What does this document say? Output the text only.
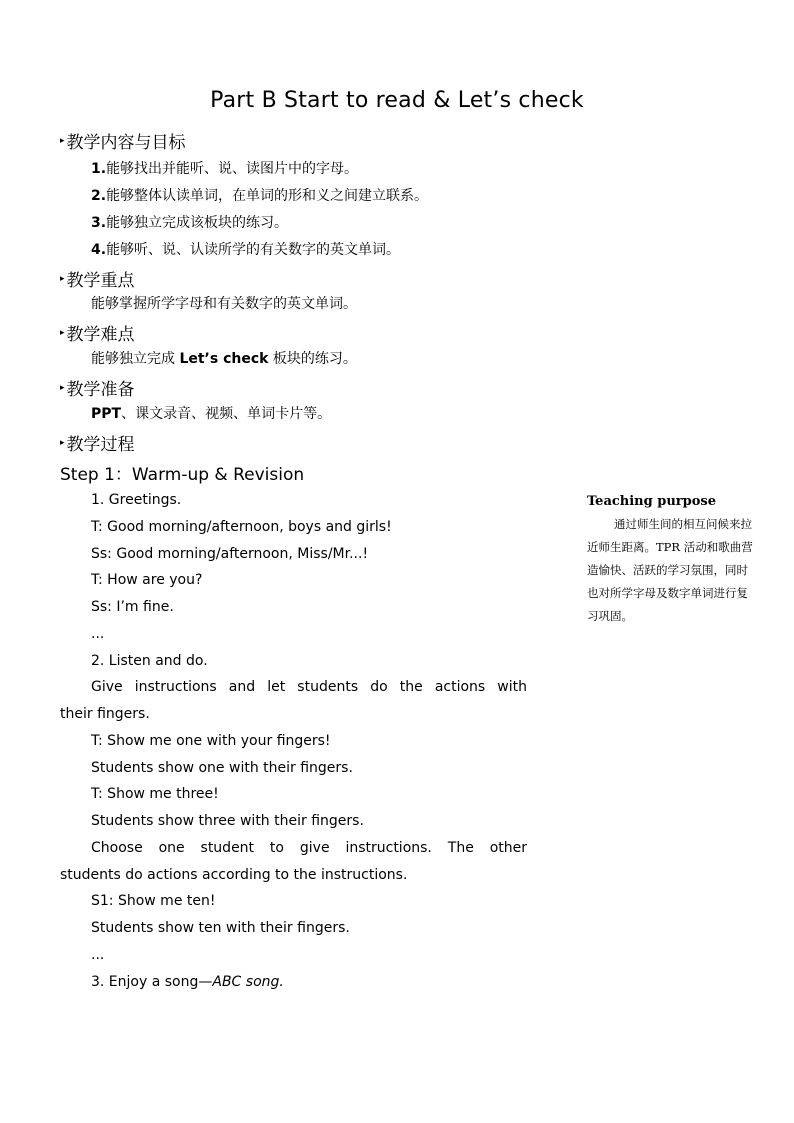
Part B Start to read & Let’s check
▸ 教学内容与目标
1.能够找出并能听、说、读图片中的字母。
2.能够整体认读单词，在单词的形和义之间建立联系。
3.能够独立完成该板块的练习。
4.能够听、说、认读所学的有关数字的英文单词。
▸ 教学重点
能够掌握所学字母和有关数字的英文单词。
▸ 教学难点
能够独立完成 Let’s check 板块的练习。
▸ 教学准备
PPT、课文录音、视频、单词卡片等。
▸ 教学过程
Step 1：Warm-up & Revision
1. Greetings.
T: Good morning/afternoon, boys and girls!
Ss: Good morning/afternoon, Miss/Mr...!
T: How are you?
Ss: I’m fine.
...
2. Listen and do.
Give instructions and let students do the actions with
their fingers.
T: Show me one with your fingers!
Students show one with their fingers.
T: Show me three!
Students show three with their fingers.
Choose one student to give instructions. The other
students do actions according to the instructions.
S1: Show me ten!
Students show ten with their fingers.
...
3. Enjoy a song—ABC song.
Teaching purpose
通过师生间的相互问候来拉近师生距离。TPR 活动和歌曲营造愉快、活跃的学习氛围，同时也对所学字母及数字单词进行复习巩固。
